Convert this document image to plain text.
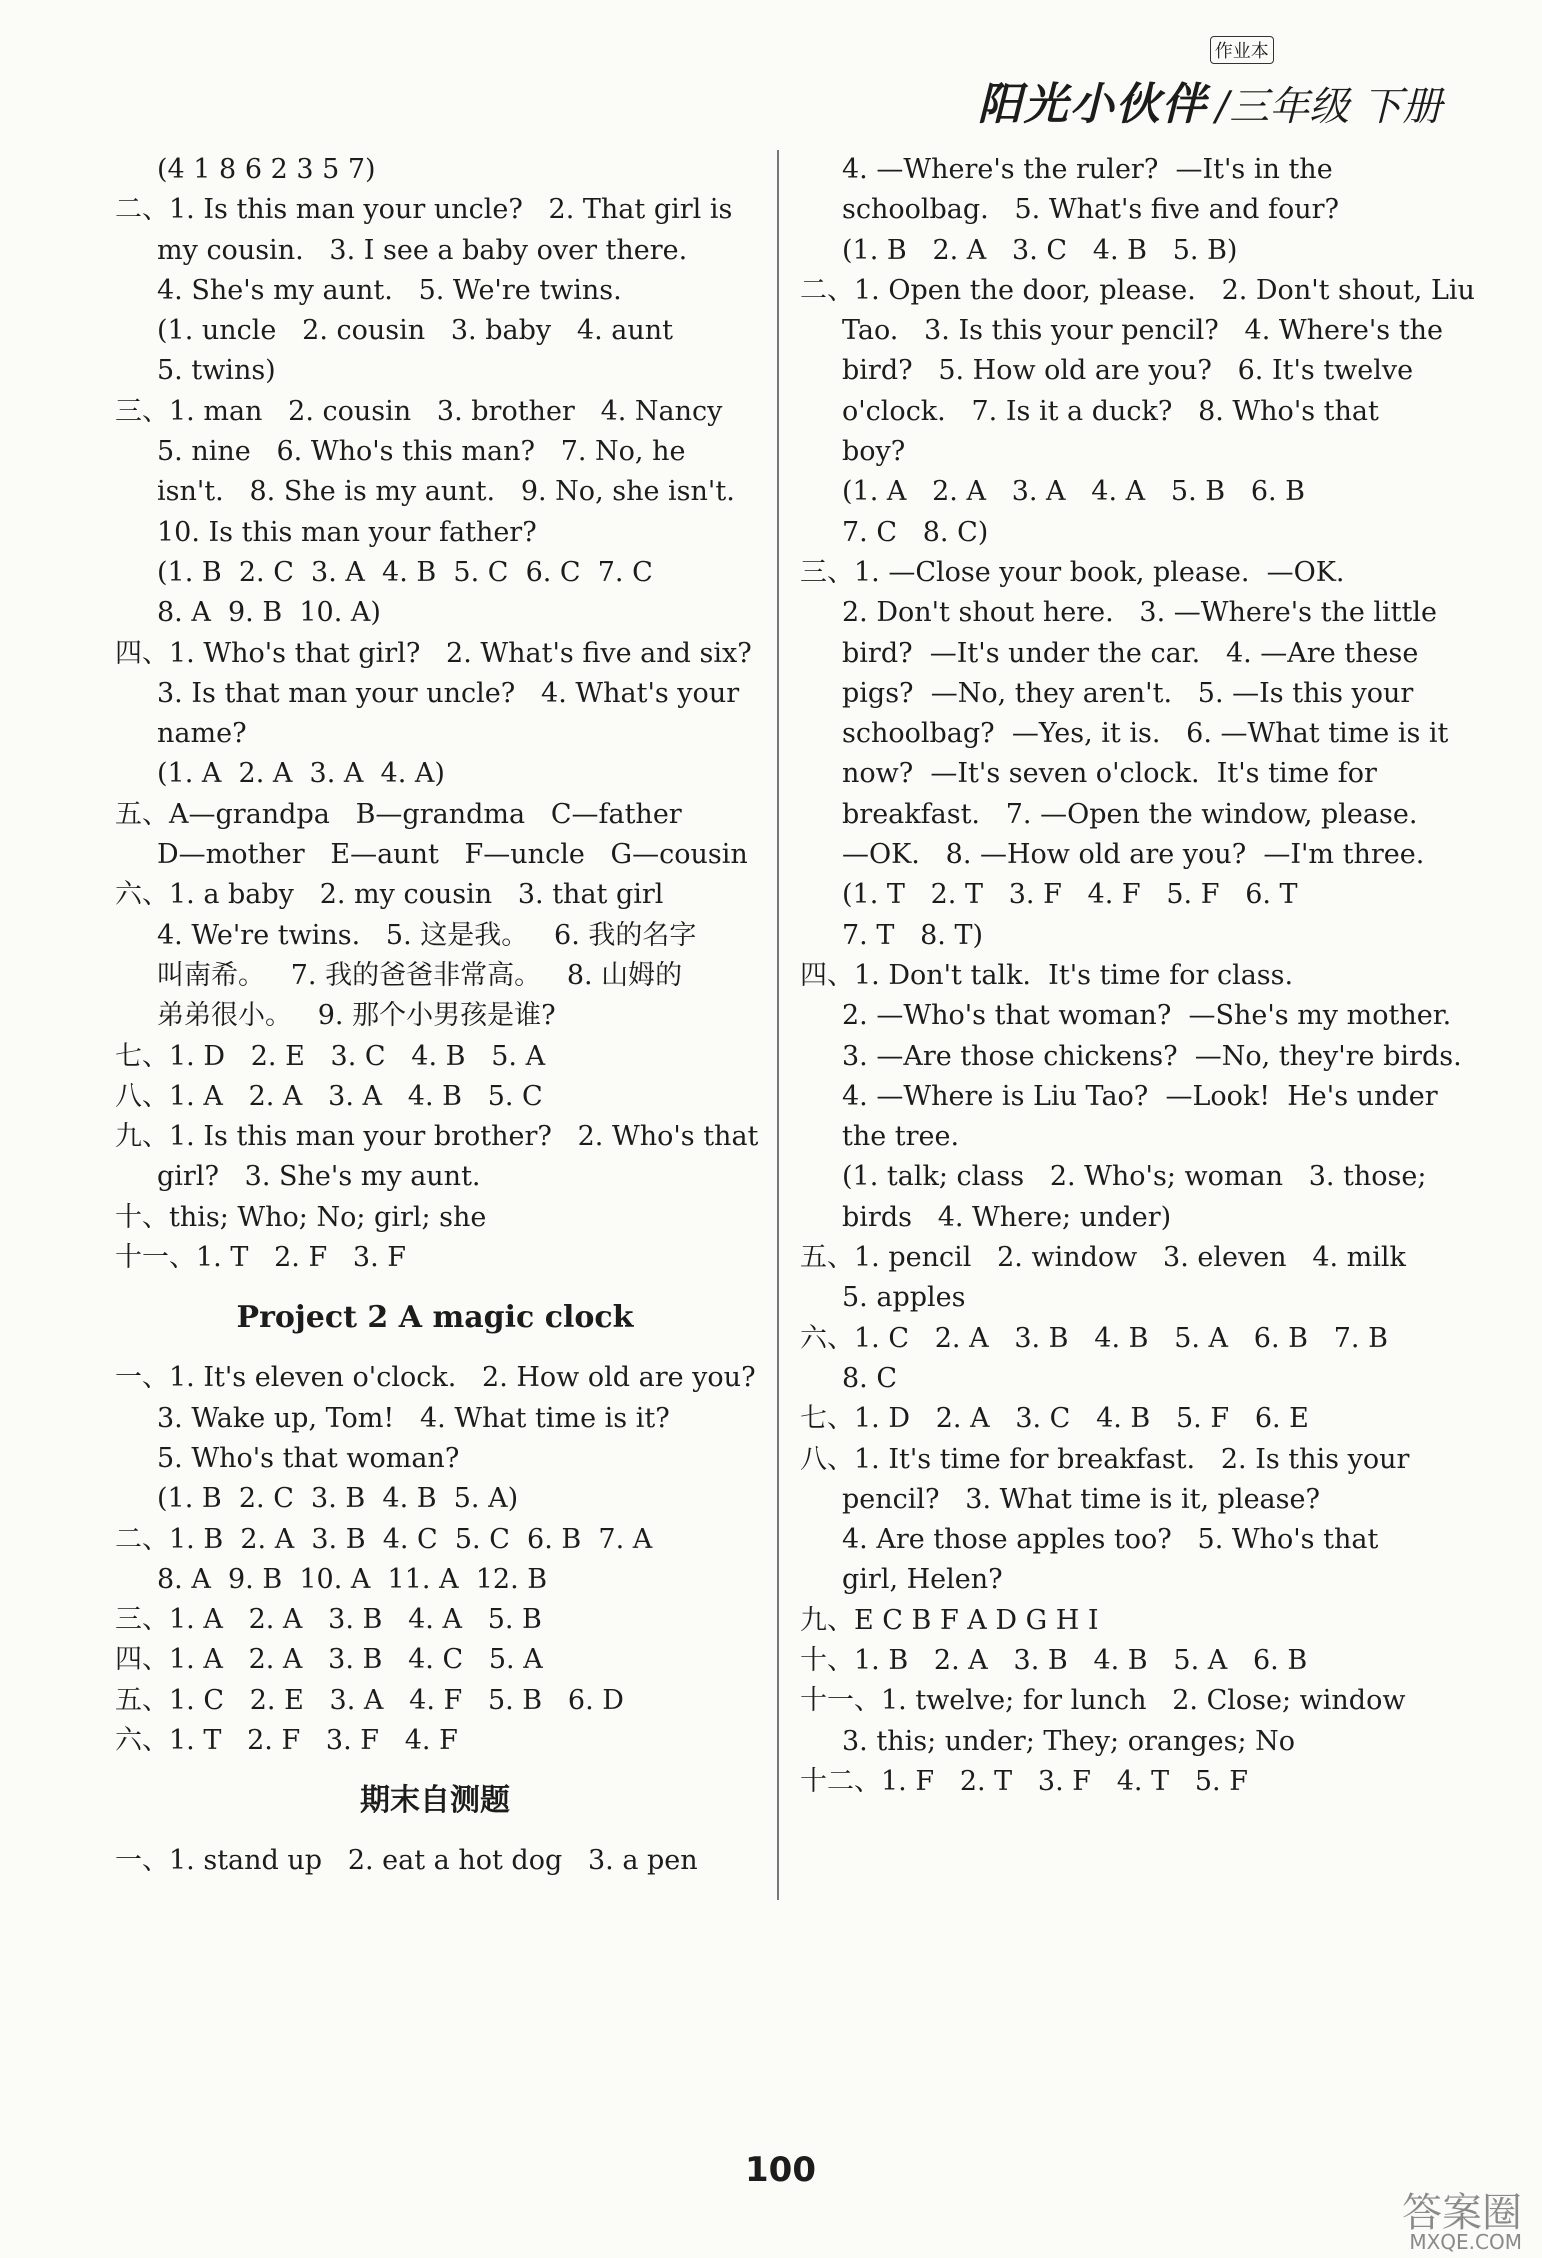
阳光小伙伴
作业本
/三年级 下册
(4 1 8 6 2 3 5 7)
二、1. Is this man your uncle?   2. That girl is
my cousin.   3. I see a baby over there.
4. She's my aunt.   5. We're twins.
(1. uncle   2. cousin   3. baby   4. aunt
5. twins)
三、1. man   2. cousin   3. brother   4. Nancy
5. nine   6. Who's this man?   7. No, he
isn't.   8. She is my aunt.   9. No, she isn't.
10. Is this man your father?
(1. B  2. C  3. A  4. B  5. C  6. C  7. C
8. A  9. B  10. A)
四、1. Who's that girl?   2. What's five and six?
3. Is that man your uncle?   4. What's your
name?
(1. A  2. A  3. A  4. A)
五、A—grandpa   B—grandma   C—father
D—mother   E—aunt   F—uncle   G—cousin
六、1. a baby   2. my cousin   3. that girl
4. We're twins.   5. 这是我。   6. 我的名字
叫南希。   7. 我的爸爸非常高。   8. 山姆的
弟弟很小。   9. 那个小男孩是谁?
七、1. D   2. E   3. C   4. B   5. A
八、1. A   2. A   3. A   4. B   5. C
九、1. Is this man your brother?   2. Who's that
girl?   3. She's my aunt.
十、this; Who; No; girl; she
十一、1. T   2. F   3. F
Project 2 A magic clock
一、1. It's eleven o'clock.   2. How old are you?
3. Wake up, Tom!   4. What time is it?
5. Who's that woman?
(1. B  2. C  3. B  4. B  5. A)
二、1. B  2. A  3. B  4. C  5. C  6. B  7. A
8. A  9. B  10. A  11. A  12. B
三、1. A   2. A   3. B   4. A   5. B
四、1. A   2. A   3. B   4. C   5. A
五、1. C   2. E   3. A   4. F   5. B   6. D
六、1. T   2. F   3. F   4. F
期末自测题
一、1. stand up   2. eat a hot dog   3. a pen
4. —Where's the ruler?  —It's in the
schoolbag.   5. What's five and four?
(1. B   2. A   3. C   4. B   5. B)
二、1. Open the door, please.   2. Don't shout, Liu
Tao.   3. Is this your pencil?   4. Where's the
bird?   5. How old are you?   6. It's twelve
o'clock.   7. Is it a duck?   8. Who's that
boy?
(1. A   2. A   3. A   4. A   5. B   6. B
7. C   8. C)
三、1. —Close your book, please.  —OK.
2. Don't shout here.   3. —Where's the little
bird?  —It's under the car.   4. —Are these
pigs?  —No, they aren't.   5. —Is this your
schoolbag?  —Yes, it is.   6. —What time is it
now?  —It's seven o'clock.  It's time for
breakfast.   7. —Open the window, please.
—OK.   8. —How old are you?  —I'm three.
(1. T   2. T   3. F   4. F   5. F   6. T
7. T   8. T)
四、1. Don't talk.  It's time for class.
2. —Who's that woman?  —She's my mother.
3. —Are those chickens?  —No, they're birds.
4. —Where is Liu Tao?  —Look!  He's under
the tree.
(1. talk; class   2. Who's; woman   3. those;
birds   4. Where; under)
五、1. pencil   2. window   3. eleven   4. milk
5. apples
六、1. C   2. A   3. B   4. B   5. A   6. B   7. B
8. C
七、1. D   2. A   3. C   4. B   5. F   6. E
八、1. It's time for breakfast.   2. Is this your
pencil?   3. What time is it, please?
4. Are those apples too?   5. Who's that
girl, Helen?
九、E C B F A D G H I
十、1. B   2. A   3. B   4. B   5. A   6. B
十一、1. twelve; for lunch   2. Close; window
3. this; under; They; oranges; No
十二、1. F   2. T   3. F   4. T   5. F
100
答案圈
MXQE.COM
